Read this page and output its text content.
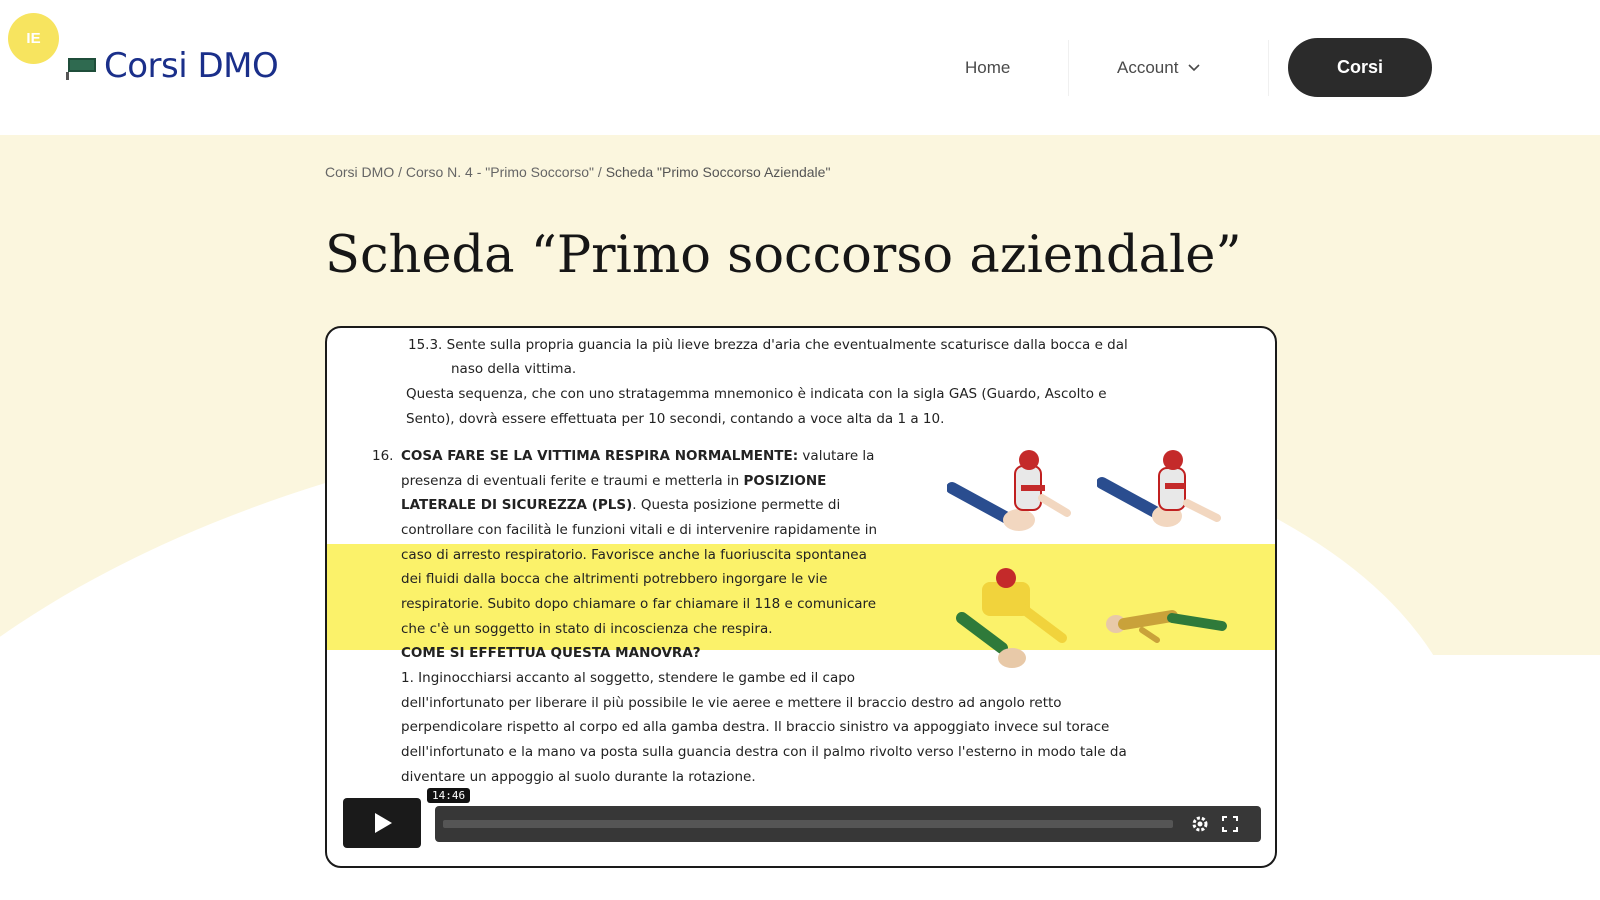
IE
Corsi DMO	Home	Account	Corsi
Corsi DMO / Corso N. 4 - "Primo Soccorso" / Scheda "Primo Soccorso Aziendale"
Scheda “Primo soccorso aziendale”
15.3. Sente sulla propria guancia la più lieve brezza d'aria che eventualmente scaturisce dalla bocca e dal
naso della vittima.
Questa sequenza, che con uno stratagemma mnemonico è indicata con la sigla GAS (Guardo, Ascolto e
Sento), dovrà essere effettuata per 10 secondi, contando a voce alta da 1 a 10.
16. COSA FARE SE LA VITTIMA RESPIRA NORMALMENTE: valutare la
presenza di eventuali ferite e traumi e metterla in POSIZIONE
LATERALE DI SICUREZZA (PLS). Questa posizione permette di
controllare con facilità le funzioni vitali e di intervenire rapidamente in
caso di arresto respiratorio. Favorisce anche la fuoriuscita spontanea
dei fluidi dalla bocca che altrimenti potrebbero ingorgare le vie
respiratorie. Subito dopo chiamare o far chiamare il 118 e comunicare
che c'è un soggetto in stato di incoscienza che respira.
COME SI EFFETTUA QUESTA MANOVRA?
1. Inginocchiarsi accanto al soggetto, stendere le gambe ed il capo
dell'infortunato per liberare il più possibile le vie aeree e mettere il braccio destro ad angolo retto
perpendicolare rispetto al corpo ed alla gamba destra. Il braccio sinistro va appoggiato invece sul torace
dell'infortunato e la mano va posta sulla guancia destra con il palmo rivolto verso l'esterno in modo tale da
diventare un appoggio al suolo durante la rotazione.
14:46
